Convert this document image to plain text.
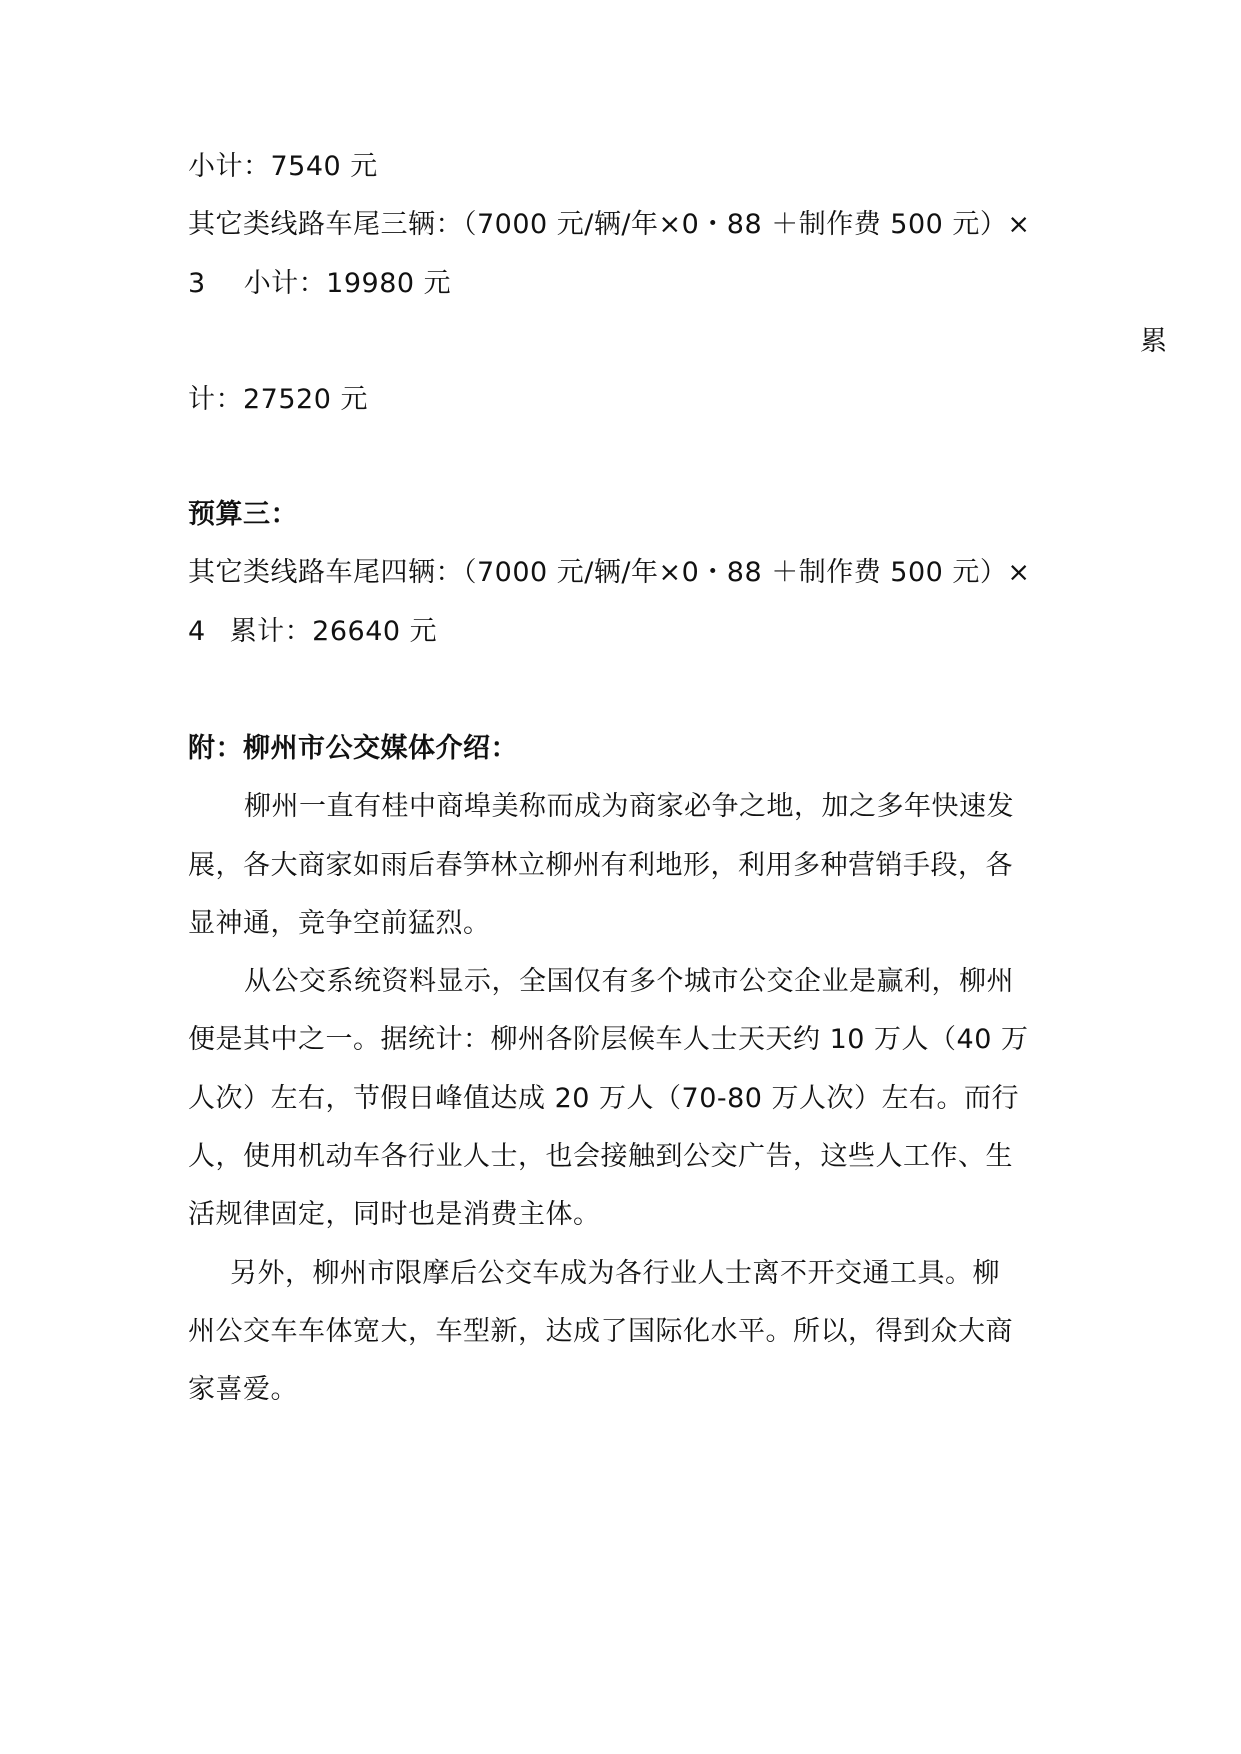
小计：7540 元
其它类线路车尾三辆：（7000 元/辆/年×0・88 ＋制作费 500 元）×
3 小计：19980 元
累
计：27520 元
预算三：
其它类线路车尾四辆：（7000 元/辆/年×0・88 ＋制作费 500 元）×
4 累计：26640 元
附：柳州市公交媒体介绍：
柳州一直有桂中商埠美称而成为商家必争之地，加之多年快速发
展，各大商家如雨后春笋林立柳州有利地形，利用多种营销手段，各
显神通，竞争空前猛烈。
从公交系统资料显示，全国仅有多个城市公交企业是赢利，柳州
便是其中之一。据统计：柳州各阶层候车人士天天约 10 万人（40 万
人次）左右，节假日峰值达成 20 万人（70-80 万人次）左右。而行
人，使用机动车各行业人士，也会接触到公交广告，这些人工作、生
活规律固定，同时也是消费主体。
另外，柳州市限摩后公交车成为各行业人士离不开交通工具。柳
州公交车车体宽大，车型新，达成了国际化水平。所以，得到众大商
家喜爱。
